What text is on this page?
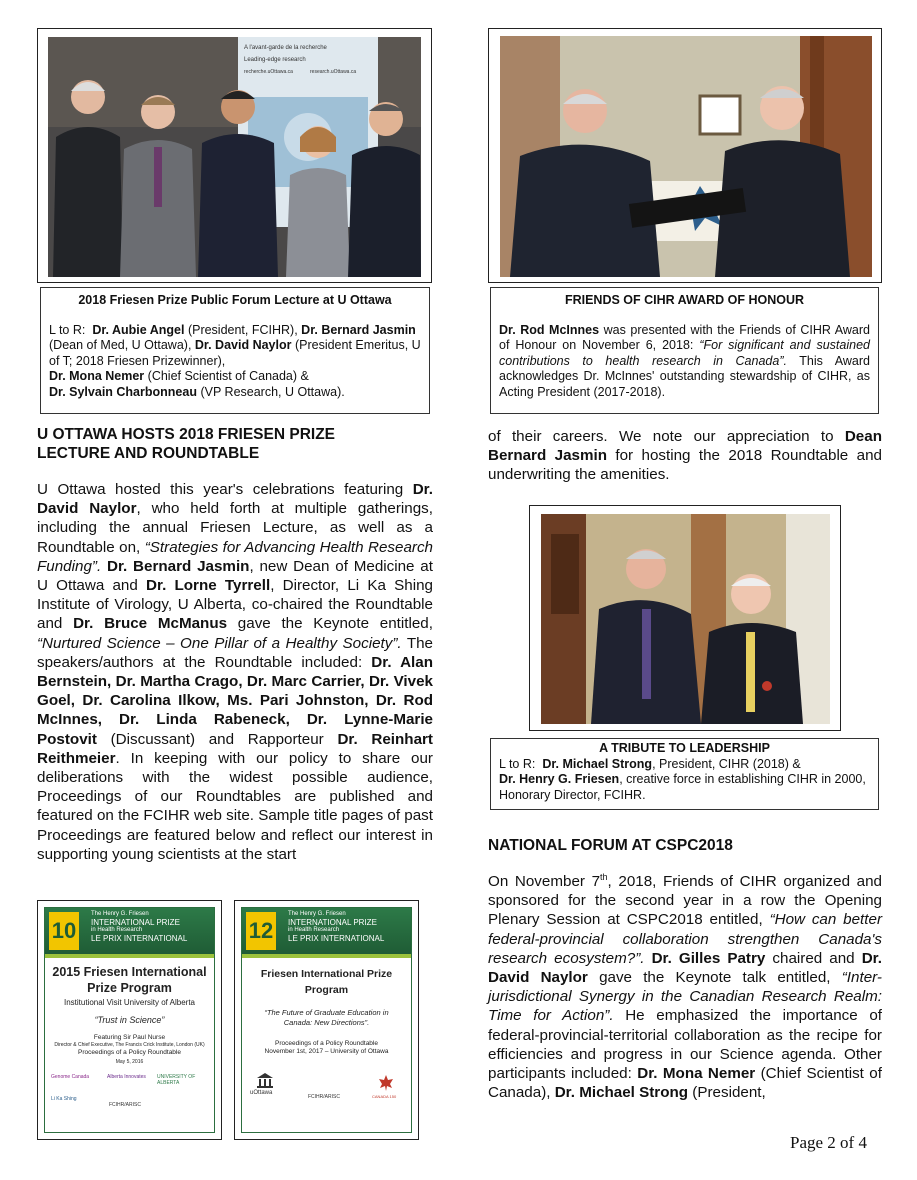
A l'avant-garde de la recherche
Leading-edge research
recherche.uOttawa.ca	research.uOttawa.ca
2018 Friesen Prize Public Forum Lecture at U Ottawa
L to R: Dr. Aubie Angel (President, FCIHR), Dr. Bernard Jasmin (Dean of Med, U Ottawa), Dr. David Naylor (President Emeritus, U of T; 2018 Friesen Prizewinner),
Dr. Mona Nemer (Chief Scientist of Canada) &
Dr. Sylvain Charbonneau (VP Research, U Ottawa).
FRIENDS OF CIHR AWARD OF HONOUR
Dr. Rod McInnes was presented with the Friends of CIHR Award of Honour on November 6, 2018: “For significant and sustained contributions to health research in Canada”. This Award acknowledges Dr. McInnes' outstanding stewardship of CIHR, as Acting President (2017-2018).
U OTTAWA HOSTS 2018 FRIESEN PRIZE
LECTURE AND ROUNDTABLE
U Ottawa hosted this year's celebrations featuring Dr. David Naylor, who held forth at multiple gatherings, including the annual Friesen Lecture, as well as a Roundtable on, “Strategies for Advancing Health Research Funding”. Dr. Bernard Jasmin, new Dean of Medicine at U Ottawa and Dr. Lorne Tyrrell, Director, Li Ka Shing Institute of Virology, U Alberta, co-chaired the Roundtable and Dr. Bruce McManus gave the Keynote entitled, “Nurtured Science – One Pillar of a Healthy Society”. The speakers/authors at the Roundtable included: Dr. Alan Bernstein, Dr. Martha Crago, Dr. Marc Carrier, Dr. Vivek Goel, Dr. Carolina Ilkow, Ms. Pari Johnston, Dr. Rod McInnes, Dr. Linda Rabeneck, Dr. Lynne-Marie Postovit (Discussant) and Rapporteur Dr. Reinhart Reithmeier. In keeping with our policy to share our deliberations with the widest possible audience, Proceedings of our Roundtables are published and featured on the FCIHR web site. Sample title pages of past Proceedings are featured below and reflect our interest in supporting young scientists at the start
10
The Henry G. Friesen
INTERNATIONAL PRIZE
in Health Research
LE PRIX INTERNATIONAL
2015 Friesen International
Prize Program
Institutional Visit University of Alberta
“Trust in Science”
Featuring Sir Paul Nurse
Director & Chief Executive, The Francis Crick Institute, London (UK)
Proceedings of a Policy Roundtable
May 5, 2016
Genome Canada	Alberta Innovates UNIVERSITY OF ALBERTA
Li Ka Shing
FCIHR/ARISC
12
The Henry G. Friesen
INTERNATIONAL PRIZE
in Health Research
LE PRIX INTERNATIONAL
Friesen International Prize
Program
“The Future of Graduate Education in Canada: New Directions”.
Proceedings of a Policy Roundtable
November 1st, 2017 – University of Ottawa
uOttawa
FCIHR/ARISC	CANADA 150
of their careers. We note our appreciation to Dean Bernard Jasmin for hosting the 2018 Roundtable and underwriting the amenities.
A TRIBUTE TO LEADERSHIP
L to R: Dr. Michael Strong, President, CIHR (2018) &
Dr. Henry G. Friesen, creative force in establishing CIHR in 2000, Honorary Director, FCIHR.
NATIONAL FORUM AT CSPC2018
On November 7th, 2018, Friends of CIHR organized and sponsored for the second year in a row the Opening Plenary Session at CSPC2018 entitled, “How can better federal-provincial collaboration strengthen Canada's research ecosystem?”. Dr. Gilles Patry chaired and Dr. David Naylor gave the Keynote talk entitled, “Inter-jurisdictional Synergy in the Canadian Research Realm: Time for Action”. He emphasized the importance of federal-provincial-territorial collaboration as the recipe for efficiencies and progress in our Science agenda. Other participants included: Dr. Mona Nemer (Chief Scientist of Canada), Dr. Michael Strong (President,
Page 2 of 4
